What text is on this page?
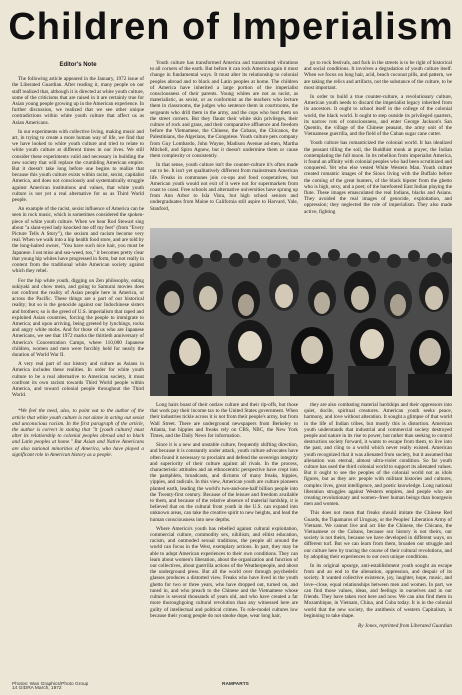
Children of Imperialism
Editor's Note

The following article appeared in the January, 1972 issue of the Liberated Guardian. After reading it, many people on our staff realized that, although it is directed at white youth culture, some of the criticisms that are raised in it are certainly true for Asian young people growing up in the American experience. In further discussion, we realized that we see other unique contradictions within white youth culture that affect us as Asian Americans.

In our experiments with collective living, making music and art, in trying to create a more human way of life, we find that we have looked to white youth culture and tried to relate to white youth culture at different times in our lives. We still consider these experiments valid and necessary in building the new society that will replace the crumbling American empire. But it doesn't take long before one begins to realize that because this youth culture exists within racist, sexist, capitalist America, and does not consciously and systematically struggle against American institutions and values, that white youth culture is not yet a real alternative for us as Third World people.

An example of the racist, sexist influence of America can be seen in rock music, which is sometimes considered the spoken-piece of white youth culture. When we hear Rod Stewart sing about "a slant-eyed lady knocked me off my feet" (from "Every Picture Tells A Story"), the sexism and racism become very real. When we walk into a hip health food store, and are told by the long-haired owner, "You have such nice hair, you must be Japanese. I eat miso and sea-weed, too," it becomes pretty clear that young hip whites have progressed in form, but not really in content from the traditional white American society against which they rebel.

For the hip white youth, digging on Zen philosophy, eating sukiyaki and chow mein, and going to Samurai movies does not confront the reality of Asian people here in America, or across the Pacific. These things are a part of our historical reality; but so is the genocide against our Indochinese sisters and brothers; so is the greed of U.S. imperialism that raped and exploited Asian countries, forcing the people to immigrate to America; and upon arriving, being greeted by lynchings, rocks and angry white mobs. And for those of us who are Japanese Americans, we see that 1972 marks the thirtieth anniversary of America's Concentration Camps, where 110,000 Japanese children, women and men were forcibly held for nearly the duration of World War II.

A very real part of our history and culture as Asians in America includes these realities. In order for white youth culture to be a real alternative to American society, it must confront its own racism towards Third World people within America, and toward colonial people throughout the Third World.

*We feel the need, also, to point out to the author of the article that white youth culture is not alone in acting out sexist and unconscious racism. In the first paragraph of the article, the author is correct in stating that "it [youth culture] must alter its relationship to colonial peoples abroad and to black and Latin peoples at home." But Asian and Native Americans are also national minorities of America, who have played a significant role in American history as a people.

Youth culture has transformed America and transmitted vibrations to all corners of the earth. But before it can rock America again it must change in fundamental ways. It must alter its relationship to colonial peoples abroad and to black and Latin peoples at home. The children of America have inherited a large portion of the imperialist consciousness of their parents. Young whites are not as racist, as materialistic, as sexist, or as conformist as the teachers who lecture them in classrooms, the judges who sentence them in courtrooms, the sergeants who drill them in the army, and the cops who bust them on the street corners. But they flaunt their white skin privileges, their culture of rock and grass, and their comparative affluence and freedom before the Vietnamese, the Chinese, the Cubans, the Chicanos, the Palestinians, the Algerians, the Congolese. Youth culture pets company from Guy Lombardo, John Wayne, Madison Avenue ad-men, Martha Mitchell, and Spiro Agnew, but it doesn't undermine them or cause them complexity or consistently.

In that sense, youth culture isn't the counter-culture it's often made out to be. It isn't yet qualitatively different from mainstream American life. Freaks in communes join co-ops and food cooperatives, but American youth would not exit of it were not for supermarkets from coast to coast. Free schools and alternative universities have sprung up from Ann Arbor to Isla Vista, but high school seniors and undergraduates from Maine to California still aspire to Harvard, Yale, Stanford,

go to rock festivals, and fuck in the streets is to be right of historical and social conditions. It involves a degradation of youth culture itself. When we focus on long hair, acid, beach coconut pills, and pattern, we are taking the relics and artifacts, not the substance of the culture, to be most important.

In order to build a true counter-culture, a revolutionary culture, American youth needs to discard the imperialist legacy inherited from its ancestors. It ought to school itself in the college of the colonial world, the black world. It ought to step outside its privileged quarters, its narrow ruts of consciousness, and enter George Jackson's San Quentin, the village of the Chinese peasant, the army unit of the Vietnamese guerrilla, and the field of the Cuban sugar cane cutter.

Youth culture has romanticized the colonial world. It has idealized the peasant tilling the soil, the Buddhist monk at prayer, the Indian contemplating the full moon. In its rebellion from imperialist America, it found an affinity with colonial peoples who had been scrutinized and conquered. Yet who else vested White Western Man. Youth culture created romantic images of the Sioux living with the Buffalo before the coming of the great hunters, of the black hipster from the ghetto who is high, sexy, and a poet; of the barefooted East Indian playing the flute. These images emasculated the real Indians, blacks and Asians. They avoided the real images of genocide, exploitation, and oppression; they neglected the role of imperialism. They also made active, fighting

Long hairs boast of their outlaw culture and their rip-offs, but those that work pay their income tax to the United States government. When their industries tickle across it is not from their people's army, but from Wall Street. There are underground newspapers from Berkeley to Atlanta, but hippies and freaks rely on CBS, NBC, the New York Times, and the Daily News for information.

Since it is a new and unstable culture, frequently shifting direction, and because it is constantly under attack, youth culture advocates have often found it necessary to proclaim and defend the sovereign integrity and superiority of their culture against all rivals. In the process, characteristic attitudes and an ethnocentric perspective have crept into the pamphlets, broadcasts, and dictums of many freaks, hippies, yippies, and radicals. In this view, American youth are culture pioneers planted earth, leading the world's two-and-one-half billion people into the Twenty-first century. Because of the leisure and freedom available to them, and because of the relative absence of material hardship, it is believed that on the cultural front youth in the U.S. can expand into unknown areas, can take the creative spirit to new heights, and lead the human consciousness into new depths.

Where America's youth has rebelled against cultural exploitation, commercial culture, commodity sex, nihilism, and elitist education, racism, and outmoded sexual traditions, the people all around the world can focus in the West, exemplary actions. In part, they may be able to adopt American experiences to their own conditions. They can learn about women's liberation, about the organization and function of our collectives, about guerrilla actions of the Weatherpeople, and about the underground press. But all the world over through psychedelic glasses produces a distorted view. Freaks who have lived in the youth ghetto for two or three years, who have dropped out, turned on, and tuned in, and who preach to the Chinese and the Vietnamese whose culture is several thousands of years old, and who have created a far more thoroughgoing cultural revolution than any witnessed here are guilty of intellectual and political crimes. To role-model cultures low because their young people do not smoke dope, wear long hair,

they are also combating material hardships and their oppressors into quiet, docile, spiritual creatures. American youth seeks peace, harmony, and love without alteration. It sought a glimpse of that world in the life of Indian tribes, but mostly this is distortion. American youth understands that industrial and commercial society destroyed people and nature in its rise to power, but rather than seeking to control destruction society forward, it wants to escape from them, to live into the past, and cling to a world which never really existed. American youth recognized that it was alienated from society, but it assumed that alienation was eternal, almost ultra-violet condition. So far youth culture has used the third colonial world to support its alienated values. But it ought to see the peoples of the colonial world not as idols figures, but as they are: people with militant histories and cultures, complex lives, great intelligence, and poetic knowledge. Long national liberation struggles against Western empires, and people who are creating revolutionary and women--freer human beings than bourgeois men and women.

This does not mean that freaks should imitate the Chinese Red Guards, the Tupamaros of Uruguay, or the Peoples' Liberation Army of Vietnam. We cannot live and act like the Chinese, the Chicano, the Vietnamese or the Cubans, because our history is not theirs, our society is not theirs, because we have developed in different ways, on different turf. But we can learn from them, broaden our struggle and our culture here by tracing the course of their cultural revolutions, and by adopting their experiences to our own unique conditions.

In its original upsurge, anti-establishment youth sought an escape from and an end to the alienation, oppression, and despair of its society. It wanted collective existence, joy, laughter, hope, music, and love--close, equal relationships between men and women. In part, we can find those values, ideas, and feelings in ourselves and in our friends. They have taken root here and now. We can also find them in Mozambique, in Vietnam, China, and Cuba today. It is in the colonial world that the new society, the antithesis of western Capitalism, is beginning to take shape.

By Jones, reprinted from Liberated Guardian
Photos: Wan Graphics/Photo Group	RAMPARTS
14 GIDRA March, 1972
